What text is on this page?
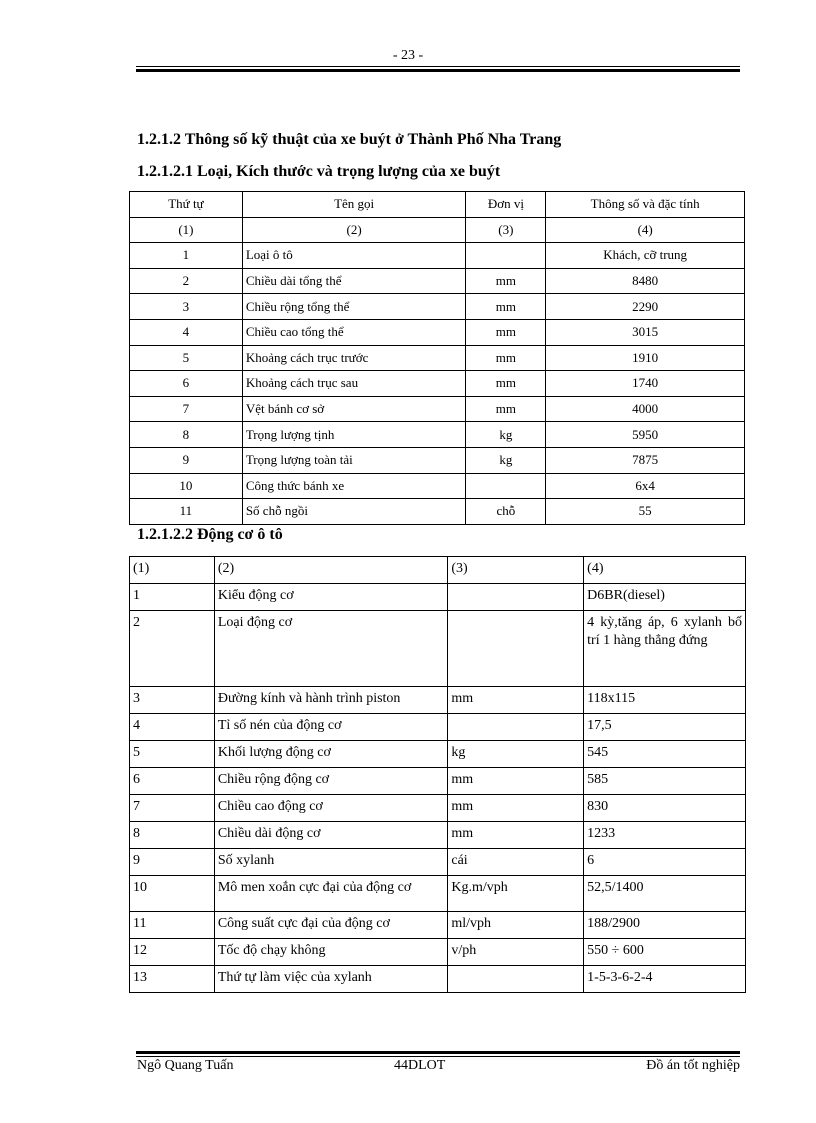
- 23 -
1.2.1.2 Thông số kỹ thuật của xe buýt ở Thành Phố Nha Trang
1.2.1.2.1 Loại, Kích thước và trọng lượng của xe buýt
Thứ tự	Tên gọi	Đơn vị	Thông số và đặc tính
(1)	(2)	(3)	(4)
1	Loại ô tô		Khách, cỡ trung
2	Chiều dài tổng thể	mm	8480
3	Chiều rộng tổng thể	mm	2290
4	Chiều cao tổng thể	mm	3015
5	Khoảng cách trục trước	mm	1910
6	Khoảng cách trục sau	mm	1740
7	Vệt bánh cơ sở	mm	4000
8	Trọng lượng tịnh	kg	5950
9	Trọng lượng toàn tải	kg	7875
10	Công thức bánh xe		6x4
11	Số chỗ ngồi	chỗ	55
1.2.1.2.2 Động cơ ô tô
(1)	(2)	(3)	(4)
1	Kiểu động cơ		D6BR(diesel)
2	Loại động cơ		4 kỳ,tăng áp, 6 xylanh bố trí 1 hàng thẳng đứng
3	Đường kính và hành trình piston	mm	118x115
4	Tỉ số nén của động cơ		17,5
5	Khối lượng động cơ	kg	545
6	Chiều rộng động cơ	mm	585
7	Chiều cao động cơ	mm	830
8	Chiều dài động cơ	mm	1233
9	Số xylanh	cái	6
10	Mô men xoắn cực đại của động cơ	Kg.m/vph	52,5/1400
11	Công suất cực đại của động cơ	ml/vph	188/2900
12	Tốc độ chạy không	v/ph	550 ÷ 600
13	Thứ tự làm việc của xylanh		1-5-3-6-2-4
Ngô Quang Tuấn	44DLOT	Đồ án tốt nghiệp
